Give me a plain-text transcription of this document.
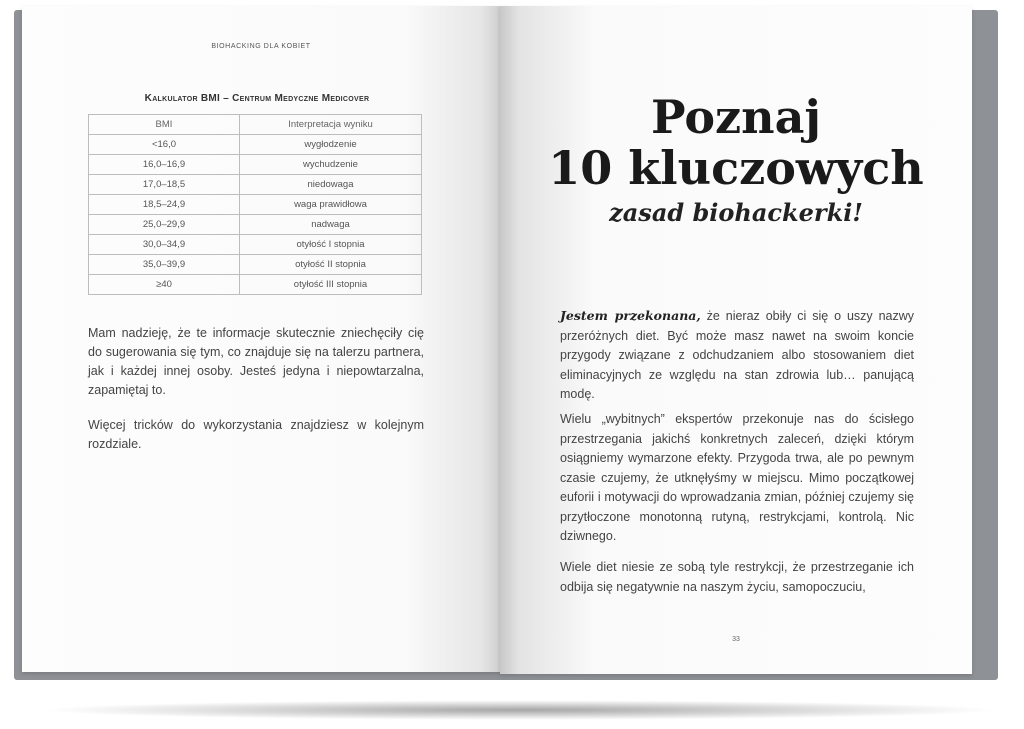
BIOHACKING DLA KOBIET
Kalkulator BMI – Centrum Medyczne Medicover
BMI	Interpretacja wyniku
<16,0	wygłodzenie
16,0–16,9	wychudzenie
17,0–18,5	niedowaga
18,5–24,9	waga prawidłowa
25,0–29,9	nadwaga
30,0–34,9	otyłość I stopnia
35,0–39,9	otyłość II stopnia
≥40	otyłość III stopnia

Mam nadzieję, że te informacje skutecznie zniechęciły cię do sugerowania się tym, co znajduje się na talerzu partnera, jak i każdej innej osoby. Jesteś jedyna i niepowtarzalna, zapamiętaj to.

Więcej tricków do wykorzystania znajdziesz w kolejnym rozdziale.

Poznaj
10 kluczowych
zasad biohackerki!

Jestem przekonana, że nieraz obiły ci się o uszy nazwy przeróżnych diet. Być może masz nawet na swoim koncie przygody związane z odchudzaniem albo stosowaniem diet eliminacyjnych ze względu na stan zdrowia lub… panującą modę.

Wielu „wybitnych” ekspertów przekonuje nas do ścisłego przestrzegania jakichś konkretnych zaleceń, dzięki którym osiągniemy wymarzone efekty. Przygoda trwa, ale po pewnym czasie czujemy, że utknęłyśmy w miejscu. Mimo początkowej euforii i motywacji do wprowadzania zmian, później czujemy się przytłoczone monotonną rutyną, restrykcjami, kontrolą. Nic dziwnego.

Wiele diet niesie ze sobą tyle restrykcji, że przestrzeganie ich odbija się negatywnie na naszym życiu, samopoczuciu,

33
